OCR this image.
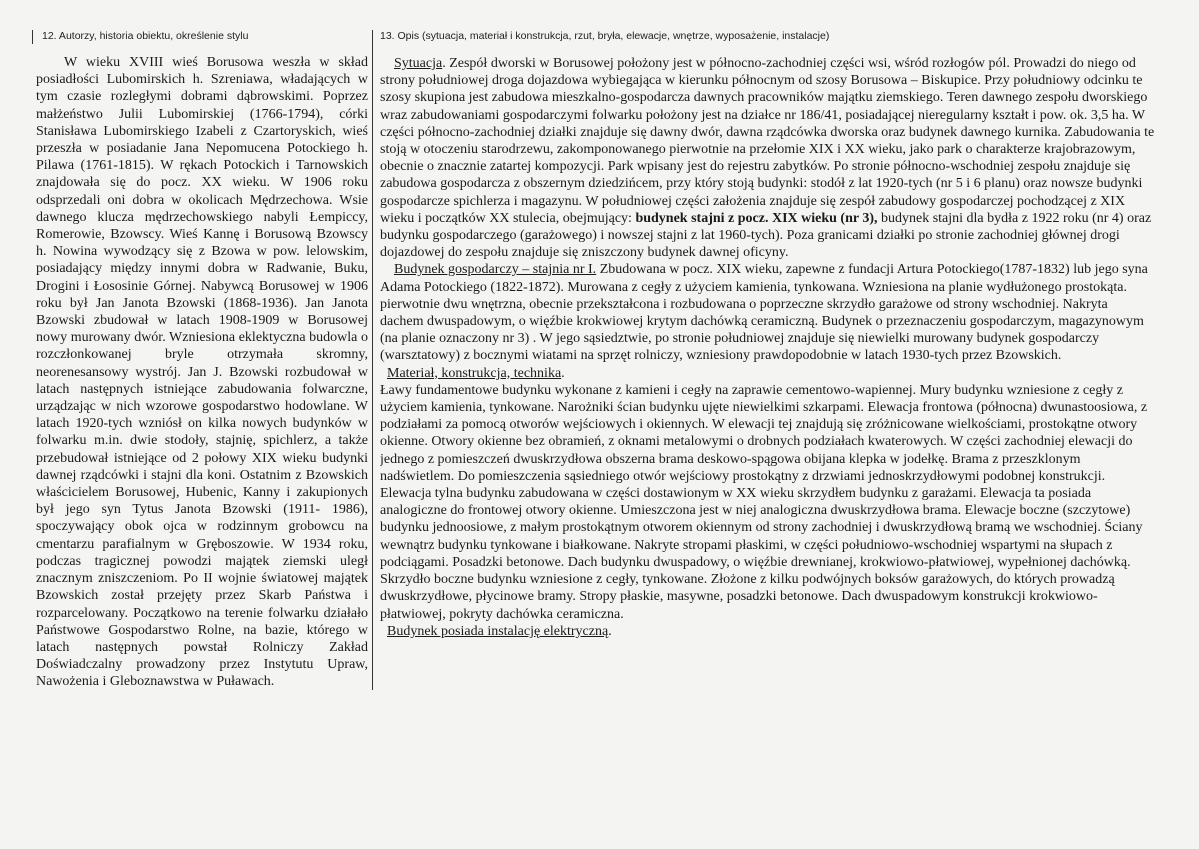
12. Autorzy, historia obiektu, określenie stylu
W wieku XVIII wieś Borusowa weszła w skład posiadłości Lubomirskich h. Szreniawa, władających w tym czasie rozległymi dobrami dąbrowskimi. Poprzez małżeństwo Julii Lubomirskiej (1766-1794), córki Stanisława Lubomirskiego Izabeli z Czartoryskich, wieś przeszła w posiadanie Jana Nepomucena Potockiego h. Pilawa (1761-1815). W rękach Potockich i Tarnowskich znajdowała się do pocz. XX wieku. W 1906 roku odsprzedali oni dobra w okolicach Mędrzechowa. Wsie dawnego klucza mędrzechowskiego nabyli Łempiccy, Romerowie, Bzowscy. Wieś Kannę i Borusową Bzowscy h. Nowina wywodzący się z Bzowa w pow. lelowskim, posiadający między innymi dobra w Radwanie, Buku, Drogini i Łososinie Górnej. Nabywcą Borusowej w 1906 roku był Jan Janota Bzowski (1868-1936). Jan Janota Bzowski zbudował w latach 1908-1909 w Borusowej nowy murowany dwór. Wzniesiona eklektyczna budowla o rozczłonkowanej bryle otrzymała skromny, neorenesansowy wystrój. Jan J. Bzowski rozbudował w latach następnych istniejące zabudowania folwarczne, urządzając w nich wzorowe gospodarstwo hodowlane. W latach 1920-tych wzniósł on kilka nowych budynków w folwarku m.in. dwie stodoły, stajnię, spichlerz, a także przebudował istniejące od 2 połowy XIX wieku budynki dawnej rządcówki i stajni dla koni. Ostatnim z Bzowskich właścicielem Borusowej, Hubenic, Kanny i zakupionych był jego syn Tytus Janota Bzowski (1911- 1986), spoczywający obok ojca w rodzinnym grobowcu na cmentarzu parafialnym w Gręboszowie. W 1934 roku, podczas tragicznej powodzi majątek ziemski uległ znacznym zniszczeniom. Po II wojnie światowej majątek Bzowskich został przejęty przez Skarb Państwa i rozparcelowany. Początkowo na terenie folwarku działało Państwowe Gospodarstwo Rolne, na bazie, którego w latach następnych powstał Rolniczy Zakład Doświadczalny prowadzony przez Instytutu Upraw, Nawożenia i Gleboznawstwa w Puławach.
13. Opis (sytuacja, materiał i konstrukcja, rzut, bryła, elewacje, wnętrze, wyposażenie, instalacje)
Sytuacja. Zespół dworski w Borusowej położony jest w północno-zachodniej części wsi, wśród rozłogów pól. Prowadzi do niego od
strony południowej droga dojazdowa wybiegająca w kierunku północnym od szosy Borusowa – Biskupice. Przy południowy odcinku te
szosy skupiona jest zabudowa mieszkalno-gospodarcza dawnych pracowników majątku ziemskiego. Teren dawnego zespołu dworskiego
wraz zabudowaniami gospodarczymi folwarku położony jest na działce nr 186/41, posiadającej nieregularny kształt i pow. ok. 3,5 ha. W
części północno-zachodniej działki znajduje się dawny dwór, dawna rządcówka dworska oraz budynek dawnego kurnika. Zabudowania te
stoją w otoczeniu starodrzewu, zakomponowanego pierwotnie na przełomie XIX i XX wieku, jako park o charakterze krajobrazowym,
obecnie o znacznie zatartej kompozycji. Park wpisany jest do rejestru zabytków. Po stronie północno-wschodniej zespołu znajduje się
zabudowa gospodarcza z obszernym dziedzińcem, przy który stoją budynki: stodół z lat 1920-tych (nr 5 i 6 planu) oraz nowsze budynki
gospodarcze spichlerza i magazynu. W południowej części założenia znajduje się zespół zabudowy gospodarczej pochodzącej z XIX
wieku i początków XX stulecia, obejmujący: budynek stajni z pocz. XIX wieku (nr 3), budynek stajni dla bydła z 1922 roku (nr 4) oraz
budynku gospodarczego (garażowego) i nowszej stajni z lat 1960-tych). Poza granicami działki po stronie zachodniej głównej drogi
dojazdowej do zespołu znajduje się zniszczony budynek dawnej oficyny.
Budynek gospodarczy – stajnia nr I. Zbudowana w pocz. XIX wieku, zapewne z fundacji Artura Potockiego(1787-1832) lub jego syna
Adama Potockiego (1822-1872). Murowana z cegły z użyciem kamienia, tynkowana. Wzniesiona na planie wydłużonego prostokąta.
pierwotnie dwu wnętrzna, obecnie przekształcona i rozbudowana o poprzeczne skrzydło garażowe od strony wschodniej. Nakryta
dachem dwuspadowym, o więźbie krokwiowej krytym dachówką ceramiczną. Budynek o przeznaczeniu gospodarczym, magazynowym
(na planie oznaczony nr 3) . W jego sąsiedztwie, po stronie południowej znajduje się niewielki murowany budynek gospodarczy
(warsztatowy) z bocznymi wiatami na sprzęt rolniczy, wzniesiony prawdopodobnie w latach 1930-tych przez Bzowskich.
Materiał, konstrukcja, technika.
Ławy fundamentowe budynku wykonane z kamieni i cegły na zaprawie cementowo-wapiennej. Mury budynku wzniesione z cegły z
użyciem kamienia, tynkowane. Narożniki ścian budynku ujęte niewielkimi szkarpami. Elewacja frontowa (północna) dwunastoosiowa, z
podziałami za pomocą otworów wejściowych i okiennych. W elewacji tej znajdują się zróżnicowane wielkościami, prostokątne otwory
okienne. Otwory okienne bez obramień, z oknami metalowymi o drobnych podziałach kwaterowych. W części zachodniej elewacji do
jednego z pomieszczeń dwuskrzydłowa obszerna brama deskowo-spągowa obijana klepka w jodełkę. Brama z przeszklonym
nadświetlem. Do pomieszczenia sąsiedniego otwór wejściowy prostokątny z drzwiami jednoskrzydłowymi podobnej konstrukcji.
Elewacja tylna budynku zabudowana w części dostawionym w XX wieku skrzydłem budynku z garażami. Elewacja ta posiada
analogiczne do frontowej otwory okienne. Umieszczona jest w niej analogiczna dwuskrzydłowa brama. Elewacje boczne (szczytowe)
budynku jednoosiowe, z małym prostokątnym otworem okiennym od strony zachodniej i dwuskrzydłową bramą we wschodniej. Ściany
wewnątrz budynku tynkowane i białkowane. Nakryte stropami płaskimi, w części południowo-wschodniej wspartymi na słupach z
podciągami. Posadzki betonowe. Dach budynku dwuspadowy, o więźbie drewnianej, krokwiowo-płatwiowej, wypełnionej dachówką.
Skrzydło boczne budynku wzniesione z cegły, tynkowane. Złożone z kilku podwójnych boksów garażowych, do których prowadzą
dwuskrzydłowe, płycinowe bramy. Stropy płaskie, masywne, posadzki betonowe. Dach dwuspadowym konstrukcji krokwiowo-
płatwiowej, pokryty dachówka ceramiczna.
Budynek posiada instalację elektryczną.
